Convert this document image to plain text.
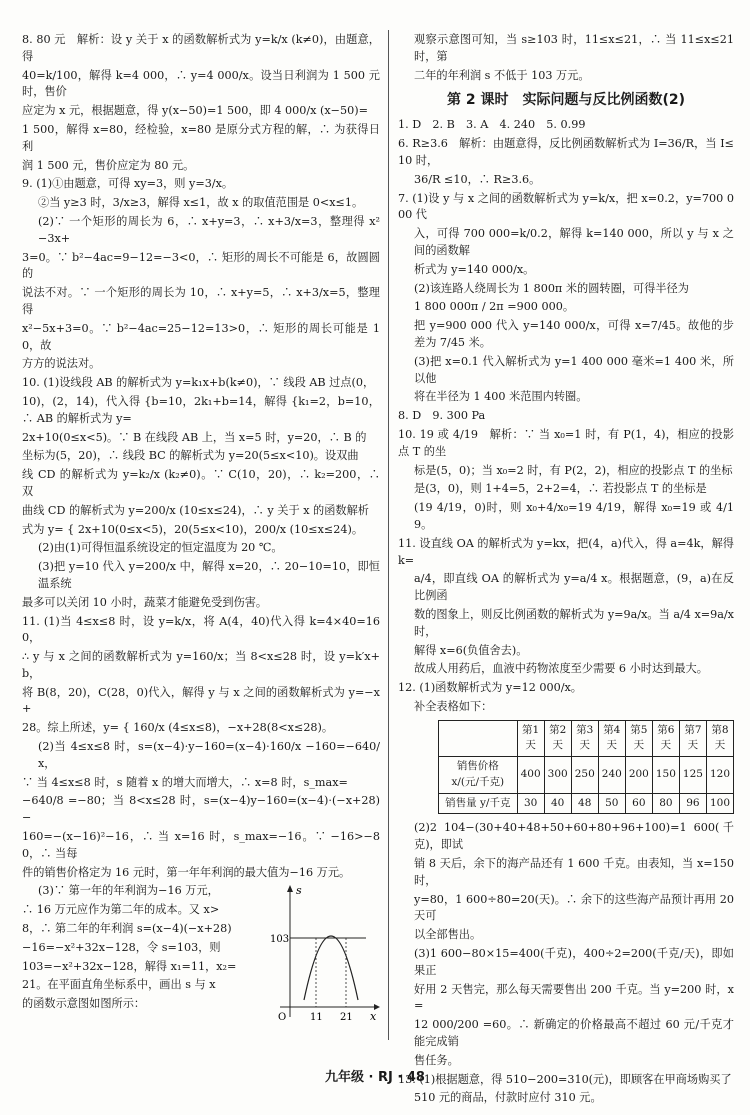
8. 80 元　解析：设 y 关于 x 的函数解析式为 y=k/x (k≠0)，由题意，得

40=k/100，解得 k=4 000，∴ y=4 000/x。设当日利润为 1 500 元时，售价

应定为 x 元，根据题意，得 y(x−50)=1 500，即 4 000/x (x−50)=

1 500，解得 x=80，经检验，x=80 是原分式方程的解，∴ 为获得日利

润 1 500 元，售价应定为 80 元。

9. (1)①由题意，可得 xy=3，则 y=3/x。

②当 y≥3 时，3/x≥3，解得 x≤1，故 x 的取值范围是 0<x≤1。

(2)∵ 一个矩形的周长为 6，∴ x+y=3，∴ x+3/x=3，整理得 x²−3x+

3=0。∵ b²−4ac=9−12=−3<0，∴ 矩形的周长不可能是 6，故圆圆的

说法不对。∵ 一个矩形的周长为 10，∴ x+y=5，∴ x+3/x=5，整理得

x²−5x+3=0。∵ b²−4ac=25−12=13>0，∴ 矩形的周长可能是 10，故

方方的说法对。

10. (1)设线段 AB 的解析式为 y=k₁x+b(k≠0)，∵ 线段 AB 过点(0，

10)，(2，14)，代入得 {b=10，2k₁+b=14，解得 {k₁=2，b=10，∴ AB 的解析式为 y=

2x+10(0≤x<5)。∵ B 在线段 AB 上，当 x=5 时，y=20，∴ B 的

坐标为(5，20)，∴ 线段 BC 的解析式为 y=20(5≤x<10)。设双曲

线 CD 的解析式为 y=k₂/x (k₂≠0)。∵ C(10，20)，∴ k₂=200，∴ 双

曲线 CD 的解析式为 y=200/x (10≤x≤24)，∴ y 关于 x 的函数解析

式为 y= { 2x+10(0≤x<5)，20(5≤x<10)，200/x (10≤x≤24)。

(2)由(1)可得恒温系统设定的恒定温度为 20 ℃。

(3)把 y=10 代入 y=200/x 中，解得 x=20，∴ 20−10=10，即恒温系统

最多可以关闭 10 小时，蔬菜才能避免受到伤害。

11. (1)当 4≤x≤8 时，设 y=k/x，将 A(4，40)代入得 k=4×40=160，

∴ y 与 x 之间的函数解析式为 y=160/x；当 8<x≤28 时，设 y=k′x+b，

将 B(8，20)，C(28，0)代入，解得 y 与 x 之间的函数解析式为 y=−x+

28。综上所述，y= { 160/x (4≤x≤8)，−x+28(8<x≤28)。

(2)当 4≤x≤8 时，s=(x−4)·y−160=(x−4)·160/x −160=−640/x，

∵ 当 4≤x≤8 时，s 随着 x 的增大而增大，∴ x=8 时，s_max=

−640/8 =−80；当 8<x≤28 时，s=(x−4)y−160=(x−4)·(−x+28)−

160=−(x−16)²−16，∴ 当 x=16 时，s_max=−16。∵ −16>−80，∴ 当每

件的销售价格定为 16 元时，第一年年利润的最大值为−16 万元。

(3)∵ 第一年的年利润为−16 万元，

∴ 16 万元应作为第二年的成本。又 x>

8，∴ 第二年的年利润 s=(x−4)(−x+28)

−16=−x²+32x−128，令 s=103，则

103=−x²+32x−128，解得 x₁=11，x₂=

21。在平面直角坐标系中，画出 s 与 x

的函数示意图如图所示：

观察示意图可知，当 s≥103 时，11≤x≤21，∴ 当 11≤x≤21 时，第

二年的年利润 s 不低于 103 万元。

第 2 课时　实际问题与反比例函数(2)

1. D　2. B　3. A　4. 240　5. 0.99

6. R≥3.6　解析：由题意得，反比例函数解析式为 I=36/R，当 I≤10 时，

36/R ≤10，∴ R≥3.6。

7. (1)设 y 与 x 之间的函数解析式为 y=k/x，把 x=0.2，y=700 000 代

入，可得 700 000=k/0.2，解得 k=140 000，所以 y 与 x 之间的函数解

析式为 y=140 000/x。

(2)该连路人绕周长为 1 800π 米的圆转圈，可得半径为

1 800 000π / 2π =900 000。

把 y=900 000 代入 y=140 000/x，可得 x=7/45。故他的步差为 7/45 米。

(3)把 x=0.1 代入解析式为 y=1 400 000 毫米=1 400 米，所以他

将在半径为 1 400 米范围内转圈。

8. D　9. 300 Pa

10. 19 或 4/19　解析：∵ 当 x₀=1 时，有 P(1，4)，相应的投影点 T 的坐

标是(5，0)；当 x₀=2 时，有 P(2，2)，相应的投影点 T 的坐标

是(3，0)，则 1+4=5，2+2=4，∴ 若投影点 T 的坐标是

(19 4/19，0)时，则 x₀+4/x₀=19 4/19，解得 x₀=19 或 4/19。

11. 设直线 OA 的解析式为 y=kx，把(4，a)代入，得 a=4k，解得 k=

a/4，即直线 OA 的解析式为 y=a/4 x。根据题意，(9，a)在反比例函

数的图象上，则反比例函数的解析式为 y=9a/x。当 a/4 x=9a/x 时，

解得 x=6(负值舍去)。

故成人用药后，血液中药物浓度至少需要 6 小时达到最大。

12. (1)函数解析式为 y=12 000/x。

补全表格如下：

	第1天	第2天	第3天	第4天	第5天	第6天	第7天	第8天
销售价格 x/(元/千克)	400	300	250	240	200	150	125	120
销售量 y/千克	30	40	48	50	60	80	96	100

(2)2 104−(30+40+48+50+60+80+96+100)=1 600(千克)，即试

销 8 天后，余下的海产品还有 1 600 千克。由表知，当 x=150 时，

y=80，1 600÷80=20(天)。∴ 余下的这些海产品预计再用 20 天可

以全部售出。

(3)1 600−80×15=400(千克)，400÷2=200(千克/天)，即如果正

好用 2 天售完，那么每天需要售出 200 千克。当 y=200 时，x=

12 000/200 =60。∴ 新确定的价格最高不超过 60 元/千克才能完成销

售任务。

13. (1)根据题意，得 510−200=310(元)，即顾客在甲商场购买了

510 元的商品，付款时应付 310 元。

s
x
O
103
11 21
九年级 · RJ · 48
